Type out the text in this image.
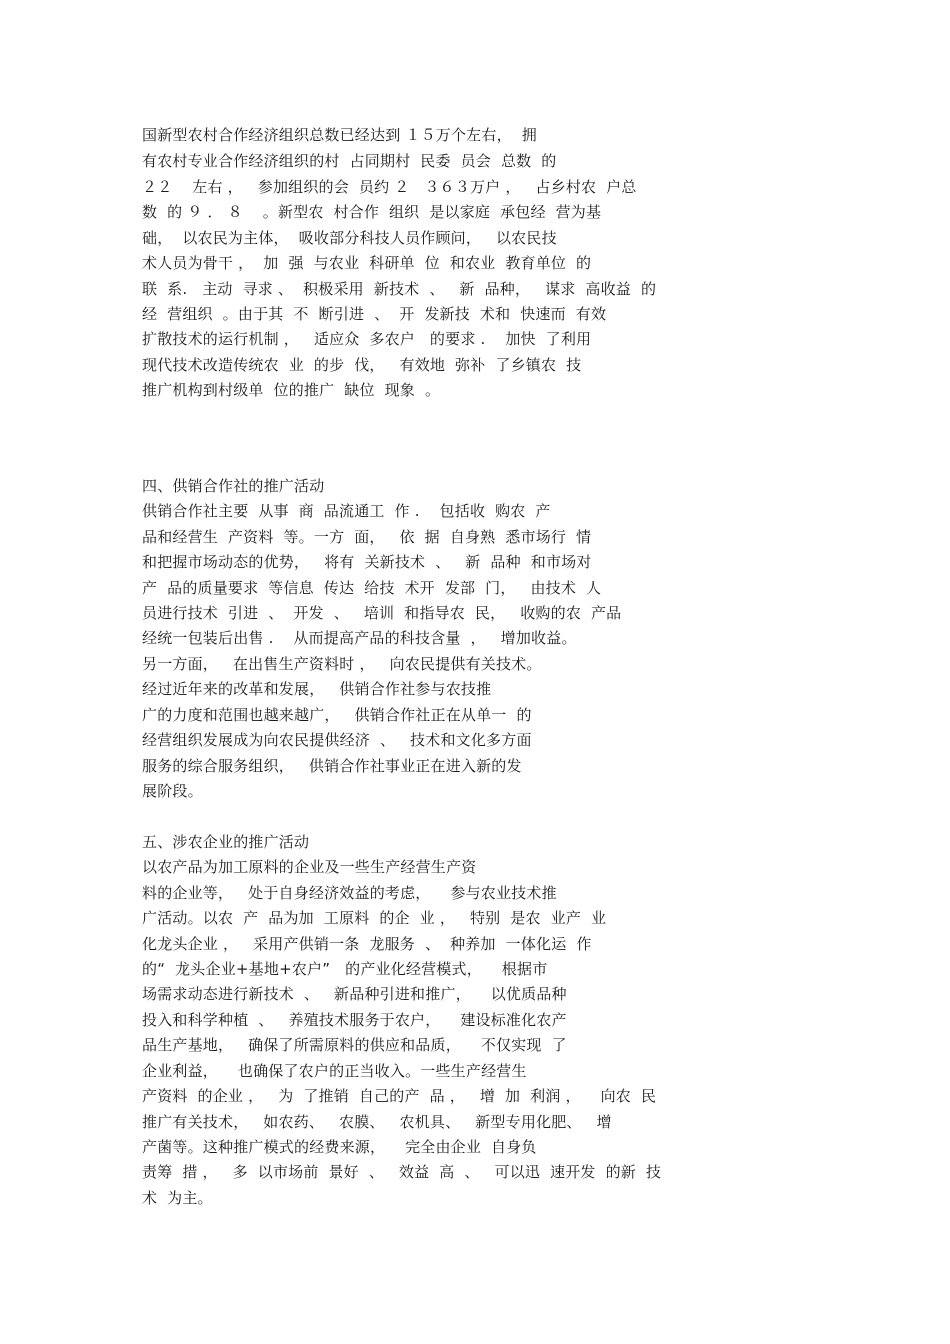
国新型农村合作经济组织总数已经达到 １５万个左右，  拥
有农村专业合作经济组织的村  占同期村  民委  员会  总数  的
２２    左右 ，   参加组织的会  员约 ２   ３６３万户 ，   占乡村农  户总
数  的 ９ ． ８    。新型农  村合作  组织  是以家庭  承包经  营为基
础，  以农民为主体，  吸收部分科技人员作顾问，   以农民技
术人员为骨干 ，  加  强  与农业  科研单  位  和农业  教育单位  的
联  系.   主动  寻求 、  积极采用  新技术  、   新  品种，   谋求  高收益  的
经  营组织  。由于其  不  断引进  、  开  发新技  术和  快速而  有效
扩散技术的运行机制 ，   适应众  多农户   的要求 .    加快  了利用
现代技术改造传统农  业  的步  伐，   有效地  弥补  了乡镇农  技
推广机构到村级单  位的推广  缺位  现象  。
四、供销合作社的推广活动
供销合作社主要  从事  商  品流通工  作 .    包括收  购农  产
品和经营生  产资料  等。一方  面，   依  据  自身熟  悉市场行  情
和把握市场动态的优势，   将有  关新技术  、   新  品种  和市场对
产  品的质量要求  等信息  传达  给技  术开  发部  门，   由技术  人
员进行技术  引进  、  开发  、   培训  和指导农  民，   收购的农  产品
经统一包装后出售 .    从而提高产品的科技含量  ，   增加收益。
另一方面，   在出售生产资料时 ，   向农民提供有关技术。
经过近年来的改革和发展，   供销合作社参与农技推
广的力度和范围也越来越广，   供销合作社正在从单一  的
经营组织发展成为向农民提供经济  、   技术和文化多方面
服务的综合服务组织，   供销合作社事业正在进入新的发
展阶段。
五、涉农企业的推广活动
以农产品为加工原料的企业及一些生产经营生产资
料的企业等，   处于自身经济效益的考虑，    参与农业技术推
广活动。以农  产  品为加  工原料  的企  业 ，   特别  是农  业产  业
化龙头企业 ，   采用产供销一条  龙服务  、  种养加  一体化运  作
的“  龙头企业+基地+农户”   的产业化经营模式，    根据市
场需求动态进行新技术  、   新品种引进和推广，    以优质品种
投入和科学种植  、   养殖技术服务于农户，    建设标准化农产
品生产基地，   确保了所需原料的供应和品质，    不仅实现  了
企业利益，    也确保了农户的正当收入。一些生产经营生
产资料  的企业 ，   为  了推销  自己的产  品 ，   增  加  利润 ，    向农  民
推广有关技术，   如农药、   农膜、   农机具、   新型专用化肥、   增
产菌等。这种推广模式的经费来源，    完全由企业  自身负
责筹  措 ，   多  以市场前  景好  、   效益  高  、   可以迅  速开发  的新  技
术  为主。
